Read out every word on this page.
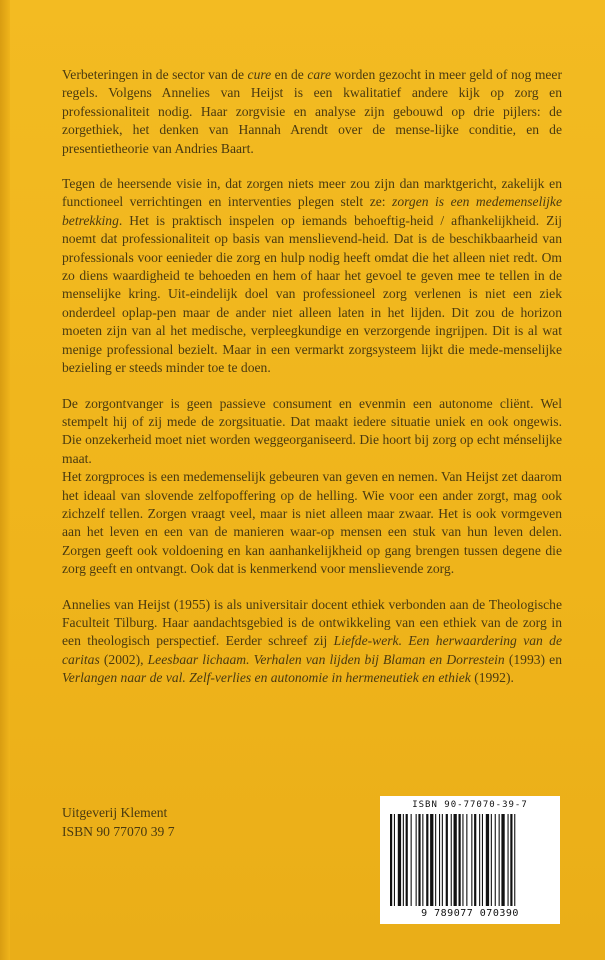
Verbeteringen in de sector van de cure en de care worden gezocht in meer geld of nog meer regels. Volgens Annelies van Heijst is een kwalitatief andere kijk op zorg en professionaliteit nodig. Haar zorgvisie en analyse zijn gebouwd op drie pijlers: de zorgethiek, het denken van Hannah Arendt over de mense-lijke conditie, en de presentietheorie van Andries Baart.

Tegen de heersende visie in, dat zorgen niets meer zou zijn dan marktgericht, zakelijk en functioneel verrichtingen en interventies plegen stelt ze: zorgen is een medemenselijke betrekking. Het is praktisch inspelen op iemands behoeftig-heid / afhankelijkheid. Zij noemt dat professionaliteit op basis van menslievend-heid. Dat is de beschikbaarheid van professionals voor eenieder die zorg en hulp nodig heeft omdat die het alleen niet redt. Om zo diens waardigheid te behoeden en hem of haar het gevoel te geven mee te tellen in de menselijke kring. Uit-eindelijk doel van professioneel zorg verlenen is niet een ziek onderdeel oplap-pen maar de ander niet alleen laten in het lijden. Dit zou de horizon moeten zijn van al het medische, verpleegkundige en verzorgende ingrijpen. Dit is al wat menige professional bezielt. Maar in een vermarkt zorgsysteem lijkt die mede-menselijke bezieling er steeds minder toe te doen.

De zorgontvanger is geen passieve consument en evenmin een autonome cliënt. Wel stempelt hij of zij mede de zorgsituatie. Dat maakt iedere situatie uniek en ook ongewis. Die onzekerheid moet niet worden weggeorganiseerd. Die hoort bij zorg op echt ménselijke maat.

Het zorgproces is een medemenselijk gebeuren van geven en nemen. Van Heijst zet daarom het ideaal van slovende zelfopoffering op de helling. Wie voor een ander zorgt, mag ook zichzelf tellen. Zorgen vraagt veel, maar is niet alleen maar zwaar. Het is ook vormgeven aan het leven en een van de manieren waar-op mensen een stuk van hun leven delen. Zorgen geeft ook voldoening en kan aanhankelijkheid op gang brengen tussen degene die zorg geeft en ontvangt. Ook dat is kenmerkend voor menslievende zorg.

Annelies van Heijst (1955) is als universitair docent ethiek verbonden aan de Theologische Faculteit Tilburg. Haar aandachtsgebied is de ontwikkeling van een ethiek van de zorg in een theologisch perspectief. Eerder schreef zij Liefde-werk. Een herwaardering van de caritas (2002), Leesbaar lichaam. Verhalen van lijden bij Blaman en Dorrestein (1993) en Verlangen naar de val. Zelf-verlies en autonomie in hermeneutiek en ethiek (1992).

Uitgeverij Klement
ISBN 90 77070 39 7
ISBN 90-77070-39-7
9 789077 070390
